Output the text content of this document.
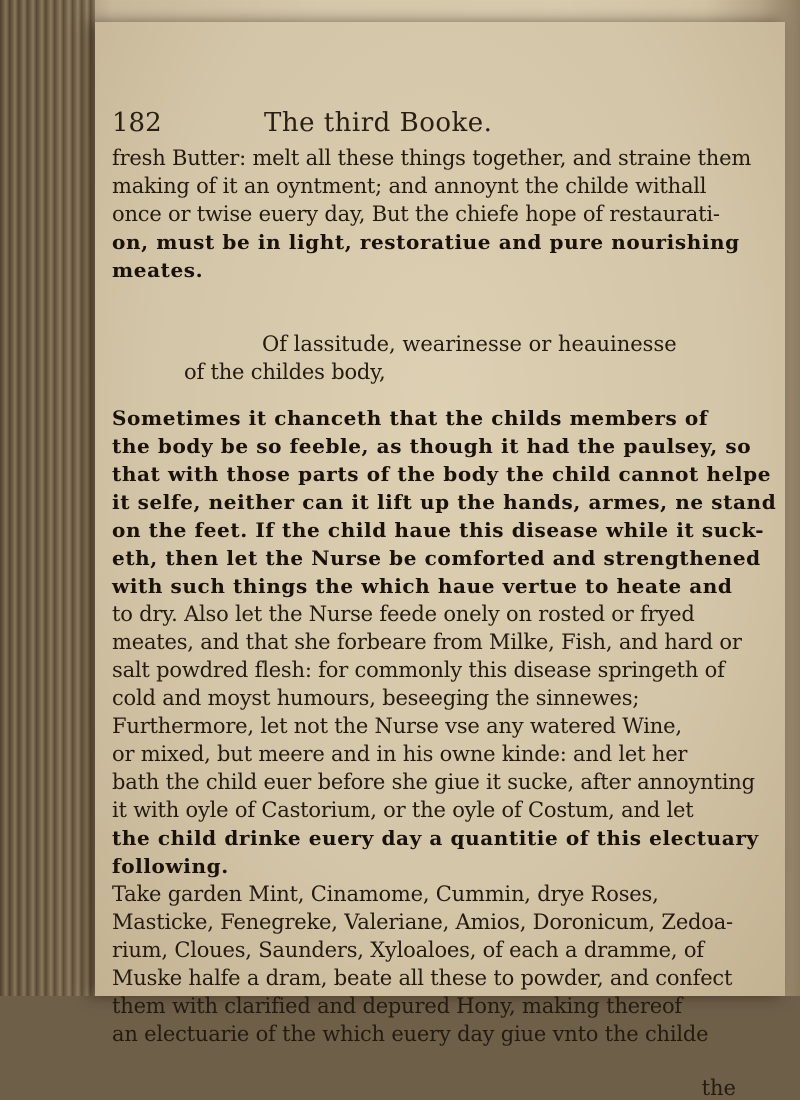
182	The third Booke.

fresh Butter: melt all these things together, and straine them

making of it an oyntment; and annoynt the childe withall

once or twise euery day, But the chiefe hope of restaurati-

on, must be in light, restoratiue and pure nourishing

meates.

Of lassitude, wearinesse or heauinesse

of the childes body,

Sometimes it chanceth that the childs members of

the body be so feeble, as though it had the paulsey, so

that with those parts of the body the child cannot helpe

it selfe, neither can it lift up the hands, armes, ne stand

on the feet. If the child haue this disease while it suck-

eth, then let the Nurse be comforted and strengthened

with such things the which haue vertue to heate and

to dry. Also let the Nurse feede onely on rosted or fryed

meates, and that she forbeare from Milke, Fish, and hard or

salt powdred flesh: for commonly this disease springeth of

cold and moyst humours, beseeging the sinnewes;

Furthermore, let not the Nurse vse any watered Wine,

or mixed, but meere and in his owne kinde: and let her

bath the child euer before she giue it sucke, after annoynting

it with oyle of Castorium, or the oyle of Costum, and let

the child drinke euery day a quantitie of this electuary

following.

Take garden Mint, Cinamome, Cummin, drye Roses,

Masticke, Fenegreke, Valeriane, Amios, Doronicum, Zedoa-

rium, Cloues, Saunders, Xyloaloes, of each a dramme, of

Muske halfe a dram, beate all these to powder, and confect

them with clarified and depured Hony, making thereof

an electuarie of the which euery day giue vnto the childe

the
